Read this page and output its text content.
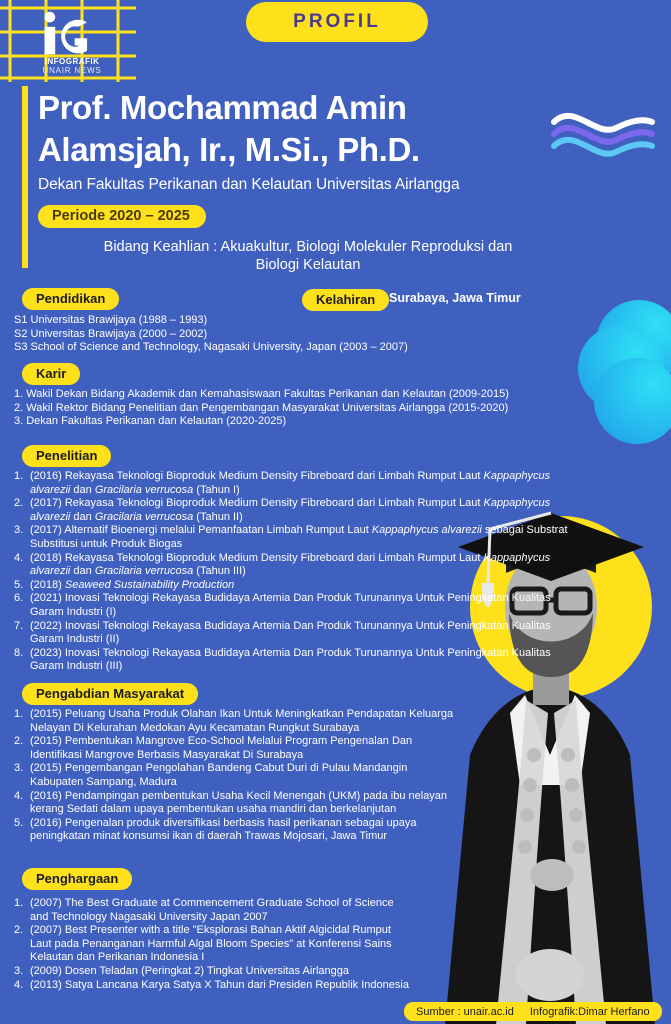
INFOGRAFIK
UNAIR NEWS
PROFIL
Prof. Mochammad Amin
Alamsjah, Ir., M.Si., Ph.D.
Dekan Fakultas Perikanan dan Kelautan Universitas Airlangga
Periode 2020 – 2025
Bidang Keahlian : Akuakultur, Biologi Molekuler Reproduksi dan
Biologi Kelautan
Pendidikan
S1 Universitas Brawijaya (1988 – 1993)
S2 Universitas Brawijaya (2000 – 2002)
S3 School of Science and Technology, Nagasaki University, Japan (2003 – 2007)
Kelahiran	Surabaya, Jawa Timur
Karir
1. Wakil Dekan Bidang Akademik dan Kemahasiswaan Fakultas Perikanan dan Kelautan (2009-2015)
2. Wakil Rektor Bidang Penelitian dan Pengembangan Masyarakat Universitas Airlangga (2015-2020)
3. Dekan Fakultas Perikanan dan Kelautan (2020-2025)
Penelitian
1. (2016) Rekayasa Teknologi Bioproduk Medium Density Fibreboard dari Limbah Rumput Laut Kappaphycus alvarezii dan Gracilaria verrucosa (Tahun I)
2. (2017) Rekayasa Teknologi Bioproduk Medium Density Fibreboard dari Limbah Rumput Laut Kappaphycus alvarezii dan Gracilaria verrucosa (Tahun II)
3. (2017) Alternatif Bioenergi melalui Pemanfaatan Limbah Rumput Laut Kappaphycus alvarezii sebagai Substrat Substitusi untuk Produk Biogas
4. (2018) Rekayasa Teknologi Bioproduk Medium Density Fibreboard dari Limbah Rumput Laut Kappaphycus alvarezii dan Gracilaria verrucosa (Tahun III)
5. (2018) Seaweed Sustainability Production
6. (2021) Inovasi Teknologi Rekayasa Budidaya Artemia Dan Produk Turunannya Untuk Peningkatan Kualitas Garam Industri (I)
7. (2022) Inovasi Teknologi Rekayasa Budidaya Artemia Dan Produk Turunannya Untuk Peningkatan Kualitas Garam Industri (II)
8. (2023) Inovasi Teknologi Rekayasa Budidaya Artemia Dan Produk Turunannya Untuk Peningkatan Kualitas Garam Industri (III)
Pengabdian Masyarakat
1. (2015) Peluang Usaha Produk Olahan Ikan Untuk Meningkatkan Pendapatan Keluarga Nelayan Di Kelurahan Medokan Ayu Kecamatan Rungkut Surabaya
2. (2015) Pembentukan Mangrove Eco-School Melalui Program Pengenalan Dan Identifikasi Mangrove Berbasis Masyarakat Di Surabaya
3. (2015) Pengembangan Pengolahan Bandeng Cabut Duri di Pulau Mandangin Kabupaten Sampang, Madura
4. (2016) Pendampingan pembentukan Usaha Kecil Menengah (UKM) pada ibu nelayan kerang Sedati dalam upaya pembentukan usaha mandiri dan berkelanjutan
5. (2016) Pengenalan produk diversifikasi berbasis hasil perikanan sebagai upaya peningkatan minat konsumsi ikan di daerah Trawas Mojosari, Jawa Timur
Penghargaan
1. (2007) The Best Graduate at Commencement Graduate School of Science and Technology Nagasaki University Japan 2007
2. (2007) Best Presenter with a title "Eksplorasi Bahan Aktif Algicidal Rumput Laut pada Penanganan Harmful Algal Bloom Species" at Konferensi Sains Kelautan dan Perikanan Indonesia I
3. (2009) Dosen Teladan (Peringkat 2) Tingkat Universitas Airlangga
4. (2013) Satya Lancana Karya Satya X Tahun dari Presiden Republik Indonesia
Sumber : unair.ac.id Infografik:Dimar Herfano
